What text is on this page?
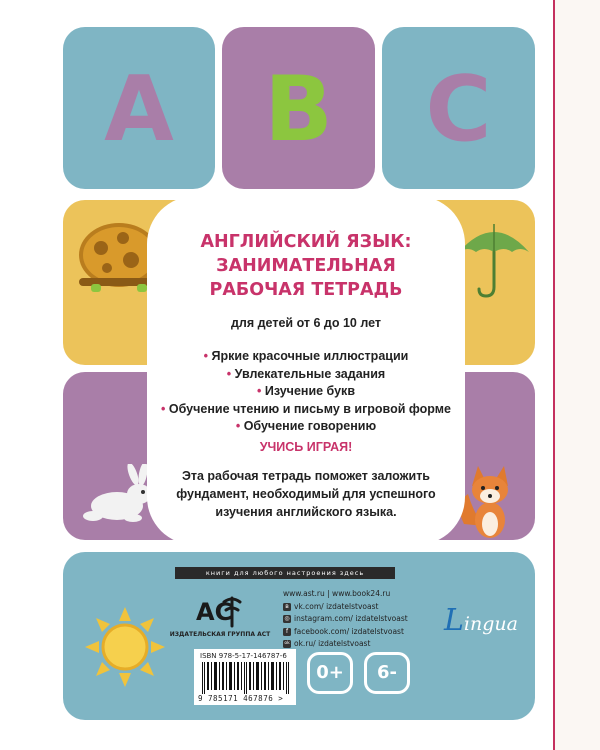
A	B	C
АНГЛИЙСКИЙ ЯЗЫК:
ЗАНИМАТЕЛЬНАЯ
РАБОЧАЯ ТЕТРАДЬ
для детей от 6 до 10 лет
• Яркие красочные иллюстрации
• Увлекательные задания
• Изучение букв
• Обучение чтению и письму в игровой форме
• Обучение говорению
УЧИСЬ ИГРАЯ!
Эта рабочая тетрадь поможет заложить
фундамент, необходимый для успешного
изучения английского языка.
книги для любого настроения здесь
AC
ИЗДАТЕЛЬСКАЯ ГРУППА АСТ
www.ast.ru | www.book24.ru
в vk.com/ izdatelstvoast
◎ instagram.com/ izdatelstvoast
f facebook.com/ izdatelstvoast
ok ok.ru/ izdatelstvoast
ISBN 978-5-17-146787-6
9 785171 467876 >
0+	6-
Lingua
